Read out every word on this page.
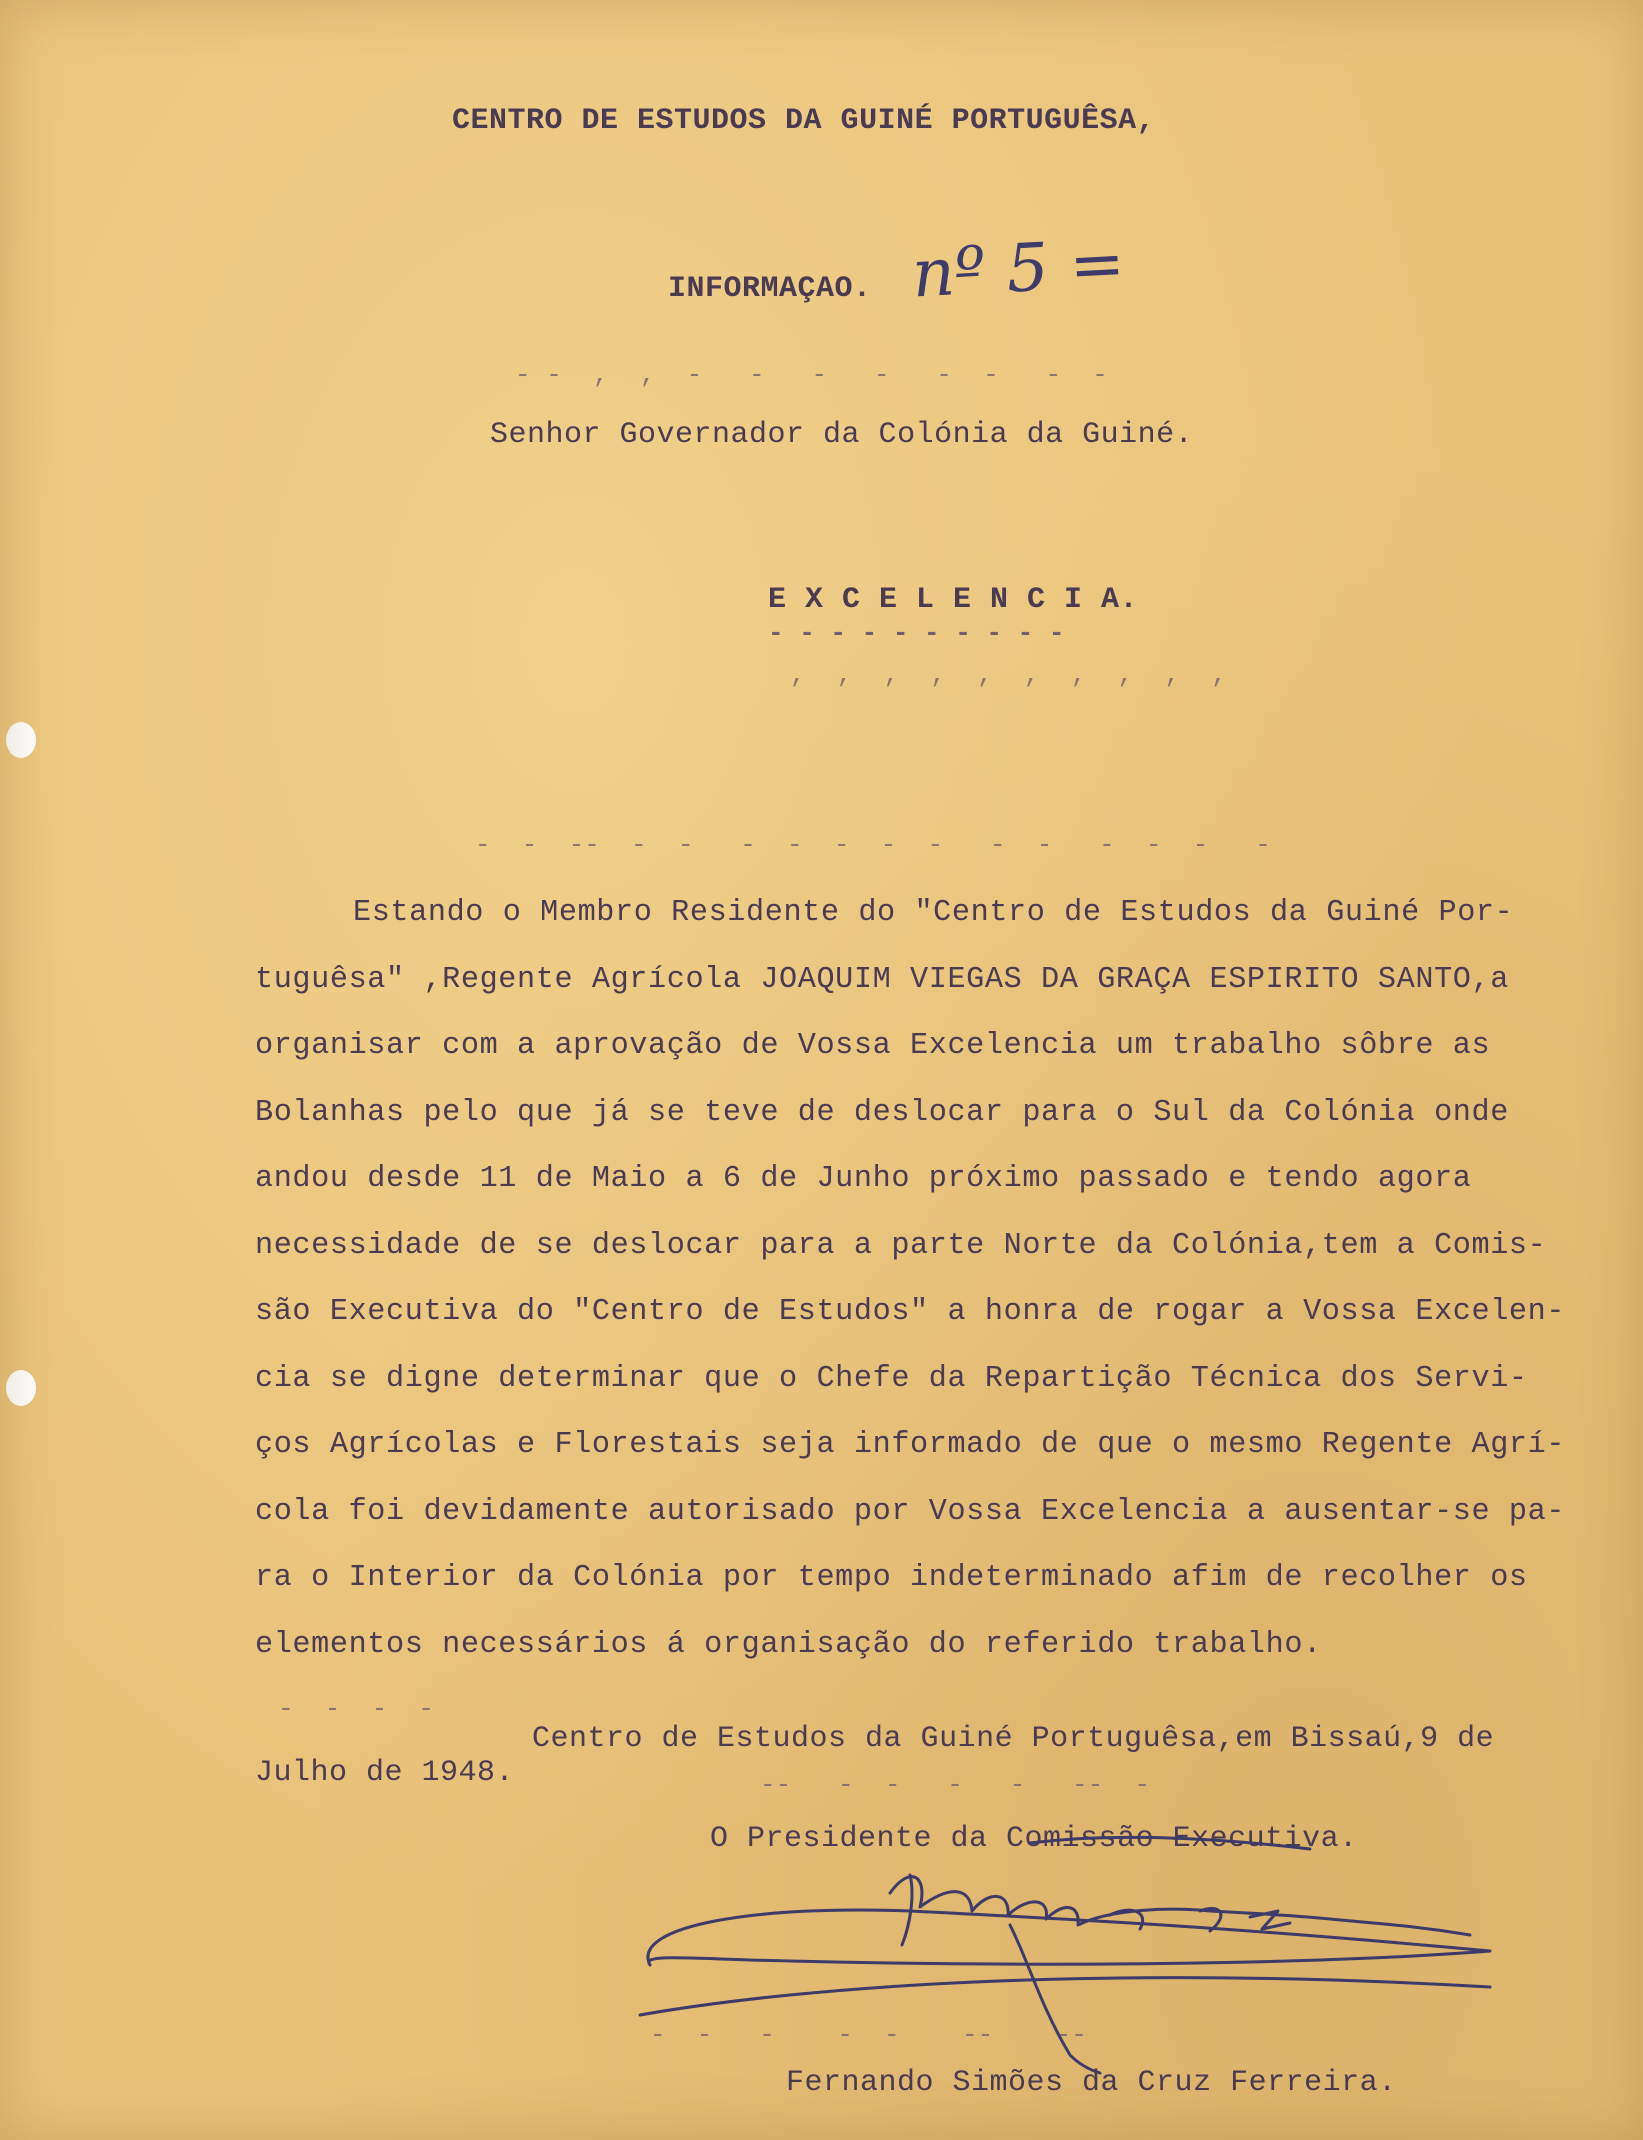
CENTRO DE ESTUDOS DA GUINÉ PORTUGUÊSA,
INFORMAÇAO. nº 5 =
- -  ,  ,  -   -   -   -   -  -   -  -
Senhor Governador da Colónia da Guiné.
E X C E L E N C I A.
- - - - - - - - - -
,  ,  ,  ,  ,  ,  ,  ,  ,  ,
-  -  --  -  -   -  -  -  -  -   -  -   -  -  -   -
Estando o Membro Residente do "Centro de Estudos da Guiné Por-
tuguêsa" ,Regente Agrícola JOAQUIM VIEGAS DA GRAÇA ESPIRITO SANTO,a
organisar com a aprovação de Vossa Excelencia um trabalho sôbre as
Bolanhas pelo que já se teve de deslocar para o Sul da Colónia onde
andou desde 11 de Maio a 6 de Junho próximo passado e tendo agora
necessidade de se deslocar para a parte Norte da Colónia,tem a Comis-
são Executiva do "Centro de Estudos" a honra de rogar a Vossa Excelen-
cia se digne determinar que o Chefe da Repartição Técnica dos Servi-
ços Agrícolas e Florestais seja informado de que o mesmo Regente Agrí-
cola foi devidamente autorisado por Vossa Excelencia a ausentar-se pa-
ra o Interior da Colónia por tempo indeterminado afim de recolher os
elementos necessários á organisação do referido trabalho.
-  -  -  -
Centro de Estudos da Guiné Portuguêsa,em Bissaú,9 de
Julho de 1948.	--   -  -   -   -   --  -
O Presidente da Comissão Executiva.
-  -   -    -  -    --    --
Fernando Simões da Cruz Ferreira.
